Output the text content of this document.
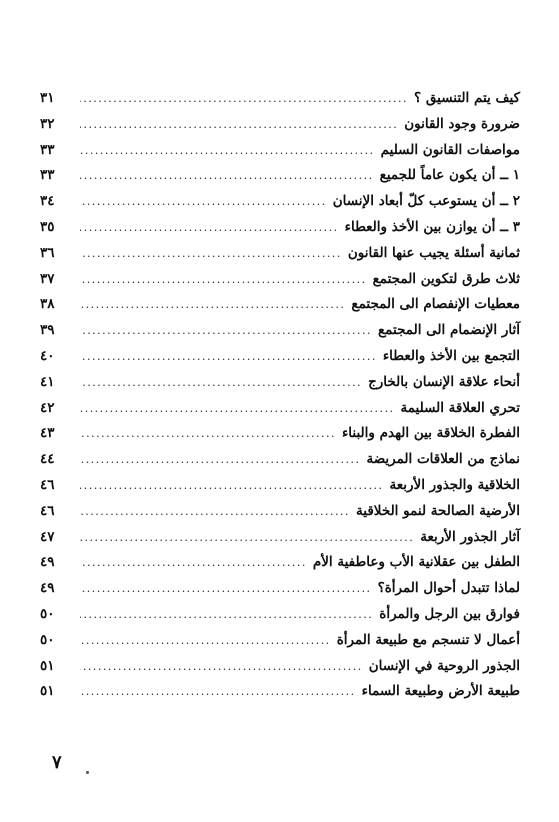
كيف يتم التنسيق ؟
.....
٣١
ضرورة وجود القانون
.....
٣٢
مواصفات القانون السليم
.....
٣٣
١ ــ أن يكون عاماً للجميع
.....
٣٣
٢ ــ أن يستوعب كلّ أبعاد الإنسان
.....
٣٤
٣ ــ أن يوازن بين الأخذ والعطاء
.....
٣٥
ثمانية أسئلة يجيب عنها القانون
.....
٣٦
ثلاث طرق لتكوين المجتمع
.....
٣٧
معطيات الإنفصام الى المجتمع
.....
٣٨
آثار الإنضمام الى المجتمع
.....
٣٩
التجمع بين الأخذ والعطاء
.....
٤٠
أنحاء علاقة الإنسان بالخارج
.....
٤١
تحري العلاقة السليمة
.....
٤٢
الفطرة الخلاقة بين الهدم والبناء
.....
٤٣
نماذج من العلاقات المريضة
.....
٤٤
الخلاقية والجذور الأربعة
.....
٤٦
الأرضية الصالحة لنمو الخلاقية
.....
٤٦
آثار الجذور الأربعة
.....
٤٧
الطفل بين عقلانية الأب وعاطفية الأم
.....
٤٩
لماذا تتبدل أحوال المرأة؟
.....
٤٩
فوارق بين الرجل والمرأة
.....
٥٠
أعمال لا تنسجم مع طبيعة المرأة
.....
٥٠
الجذور الروحية في الإنسان
.....
٥١
طبيعة الأرض وطبيعة السماء
.....
٥١
٧
